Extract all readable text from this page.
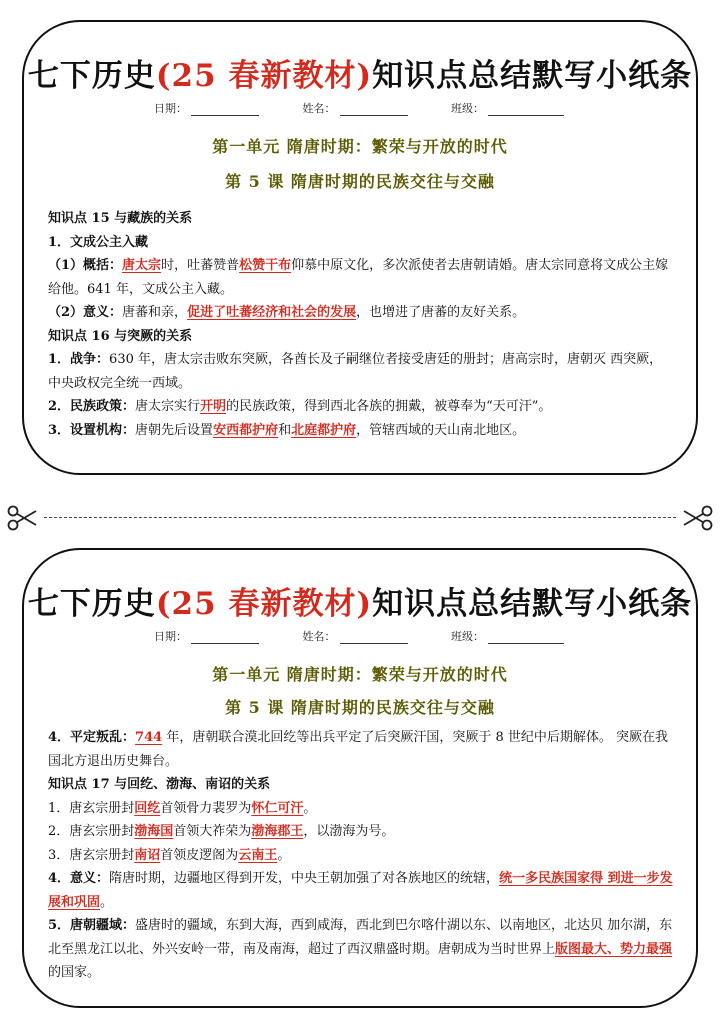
七下历史(25 春新教材)知识点总结默写小纸条
日期：	姓名：	班级：
第一单元 隋唐时期：繁荣与开放的时代
第 5 课 隋唐时期的民族交往与交融

知识点 15 与藏族的关系

1．文成公主入藏

（1）概括：唐太宗时，吐蕃赞普松赞干布仰慕中原文化，多次派使者去唐朝请婚。唐太宗同意将文成公主嫁给他。641 年，文成公主入藏。

（2）意义：唐蕃和亲，促进了吐蕃经济和社会的发展，也增进了唐蕃的友好关系。

知识点 16 与突厥的关系

1．战争：630 年，唐太宗击败东突厥，各酋长及子嗣继位者接受唐廷的册封；唐高宗时，唐朝灭 西突厥，中央政权完全统一西域。

2．民族政策：唐太宗实行开明的民族政策，得到西北各族的拥戴，被尊奉为“天可汗”。

3．设置机构：唐朝先后设置安西都护府和北庭都护府，管辖西域的天山南北地区。

七下历史(25 春新教材)知识点总结默写小纸条
日期：	姓名：	班级：
第一单元 隋唐时期：繁荣与开放的时代
第 5 课 隋唐时期的民族交往与交融

4．平定叛乱：744 年，唐朝联合漠北回纥等出兵平定了后突厥汗国，突厥于 8 世纪中后期解体。 突厥在我国北方退出历史舞台。

知识点 17 与回纥、渤海、南诏的关系

1．唐玄宗册封回纥首领骨力裴罗为怀仁可汗。

2．唐玄宗册封渤海国首领大祚荣为渤海郡王，以渤海为号。

3．唐玄宗册封南诏首领皮逻阁为云南王。

4．意义：隋唐时期，边疆地区得到开发，中央王朝加强了对各族地区的统辖，统一多民族国家得 到进一步发展和巩固。

5．唐朝疆域：盛唐时的疆域，东到大海，西到咸海，西北到巴尔喀什湖以东、以南地区，北达贝 加尔湖，东北至黑龙江以北、外兴安岭一带，南及南海，超过了西汉鼎盛时期。唐朝成为当时世界上版图最大、势力最强的国家。
